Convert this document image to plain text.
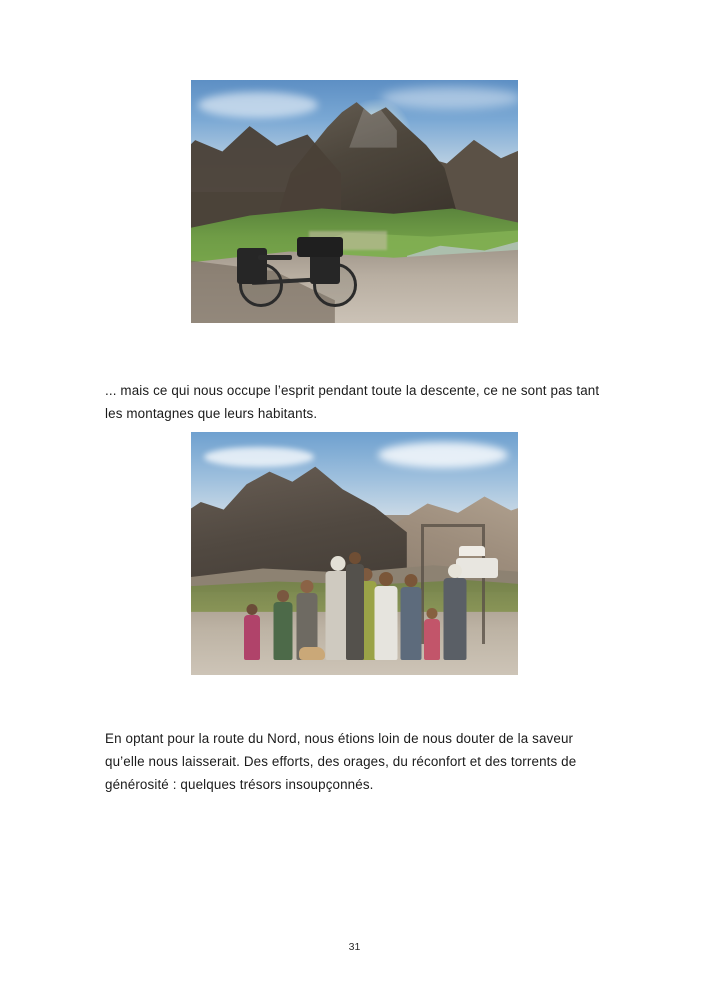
... mais ce qui nous occupe l’esprit pendant toute la descente, ce ne sont pas tant les montagnes que leurs habitants.

En optant pour la route du Nord, nous étions loin de nous douter de la saveur qu’elle nous laisserait. Des efforts, des orages, du réconfort et des torrents de générosité : quelques trésors insoupçonnés.

31
